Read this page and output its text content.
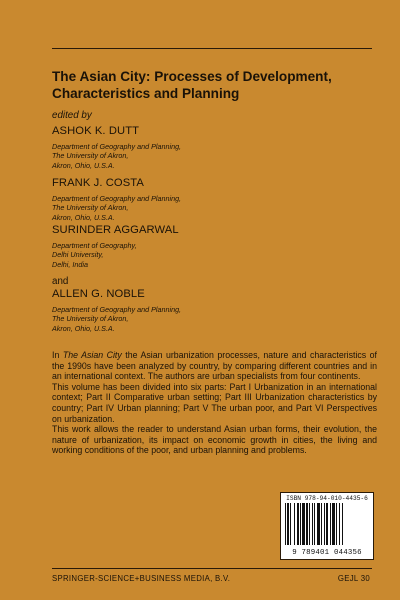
The Asian City: Processes of Development,
Characteristics and Planning
edited by
ASHOK K. DUTT
Department of Geography and Planning,
The University of Akron,
Akron, Ohio, U.S.A.
FRANK J. COSTA
Department of Geography and Planning,
The University of Akron,
Akron, Ohio, U.S.A.
SURINDER AGGARWAL
Department of Geography,
Delhi University,
Delhi, India
and
ALLEN G. NOBLE
Department of Geography and Planning,
The University of Akron,
Akron, Ohio, U.S.A.

In The Asian City the Asian urbanization processes, nature and characteristics of the 1990s have been analyzed by country, by comparing different countries and in an international context. The authors are urban specialists from four continents.

This volume has been divided into six parts: Part I Urbanization in an international context; Part II Comparative urban setting; Part III Urbanization characteristics by country; Part IV Urban planning; Part V The urban poor, and Part VI Perspectives on urbanization.

This work allows the reader to understand Asian urban forms, their evolution, the nature of urbanization, its impact on economic growth in cities, the living and working conditions of the poor, and urban planning and problems.

ISBN 978-94-010-4435-6
9 789401 044356
SPRINGER-SCIENCE+BUSINESS MEDIA, B.V.	GEJL 30
